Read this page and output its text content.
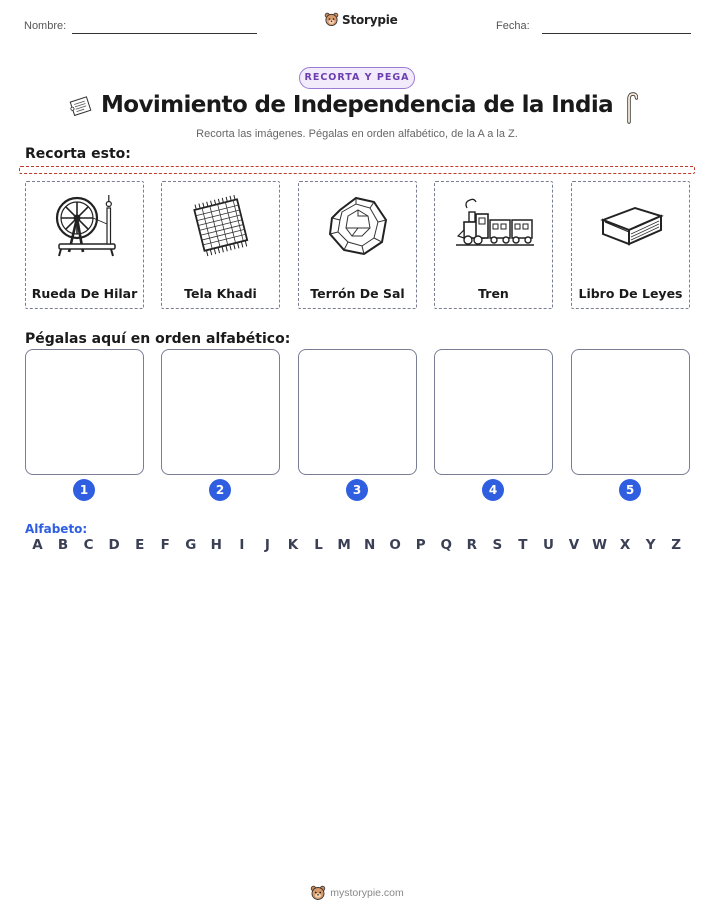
Nombre:	Storypie	Fecha:
RECORTA Y PEGA
Movimiento de Independencia de la India
Recorta las imágenes. Pégalas en orden alfabético, de la A a la Z.
Recorta esto:
Rueda De Hilar	Tela Khadi	Terrón De Sal	Tren	Libro De Leyes
Pégalas aquí en orden alfabético:
1	2	3	4	5
Alfabeto:
A	B	C	D	E	F	G	H	I	J	K	L	M N	O	P	Q	R	S	T	U	V W X	Y	Z
mystorypie.com
